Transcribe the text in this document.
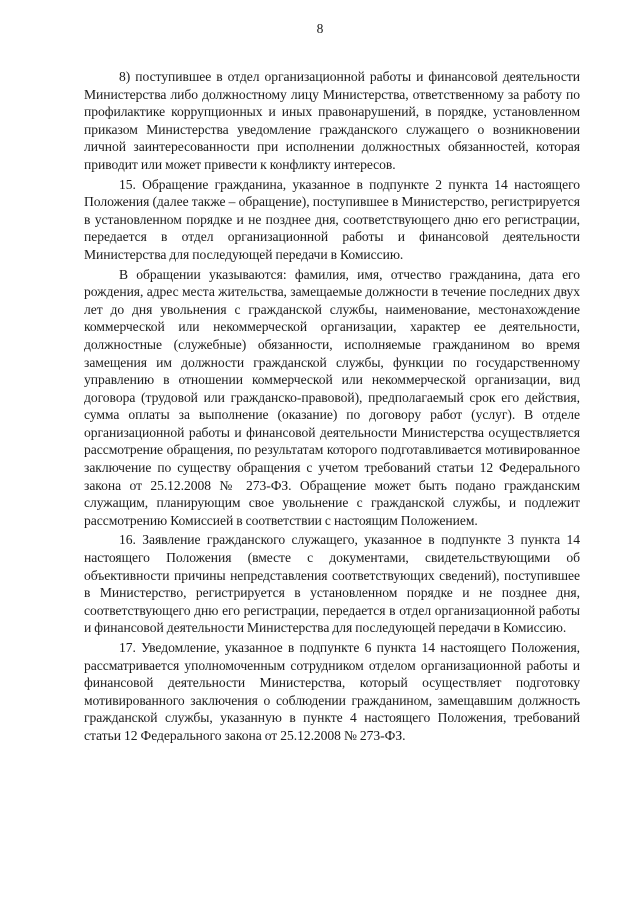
8

8) поступившее в отдел организационной работы и финансовой деятельности Министерства либо должностному лицу Министерства, ответственному за работу по профилактике коррупционных и иных правонарушений, в порядке, установленном приказом Министерства уведомление гражданского служащего о возникновении личной заинтересованности при исполнении должностных обязанностей, которая приводит или может привести к конфликту интересов.

15. Обращение гражданина, указанное в подпункте 2 пункта 14 настоящего Положения (далее также – обращение), поступившее в Министерство, регистрируется в установленном порядке и не позднее дня, соответствующего дню его регистрации, передается в отдел организационной работы и финансовой деятельности Министерства для последующей передачи в Комиссию.

В обращении указываются: фамилия, имя, отчество гражданина, дата его рождения, адрес места жительства, замещаемые должности в течение последних двух лет до дня увольнения с гражданской службы, наименование, местонахождение коммерческой или некоммерческой организации, характер ее деятельности, должностные (служебные) обязанности, исполняемые гражданином во время замещения им должности гражданской службы, функции по государственному управлению в отношении коммерческой или некоммерческой организации, вид договора (трудовой или гражданско-правовой), предполагаемый срок его действия, сумма оплаты за выполнение (оказание) по договору работ (услуг). В отделе организационной работы и финансовой деятельности Министерства осуществляется рассмотрение обращения, по результатам которого подготавливается мотивированное заключение по существу обращения с учетом требований статьи 12 Федерального закона от 25.12.2008 № 273-ФЗ. Обращение может быть подано гражданским служащим, планирующим свое увольнение с гражданской службы, и подлежит рассмотрению Комиссией в соответствии с настоящим Положением.

16. Заявление гражданского служащего, указанное в подпункте 3 пункта 14 настоящего Положения (вместе с документами, свидетельствующими об объективности причины непредставления соответствующих сведений), поступившее в Министерство, регистрируется в установленном порядке и не позднее дня, соответствующего дню его регистрации, передается в отдел организационной работы и финансовой деятельности Министерства для последующей передачи в Комиссию.

17. Уведомление, указанное в подпункте 6 пункта 14 настоящего Положения, рассматривается уполномоченным сотрудником отделом организационной работы и финансовой деятельности Министерства, который осуществляет подготовку мотивированного заключения о соблюдении гражданином, замещавшим должность гражданской службы, указанную в пункте 4 настоящего Положения, требований статьи 12 Федерального закона от 25.12.2008 № 273-ФЗ.
